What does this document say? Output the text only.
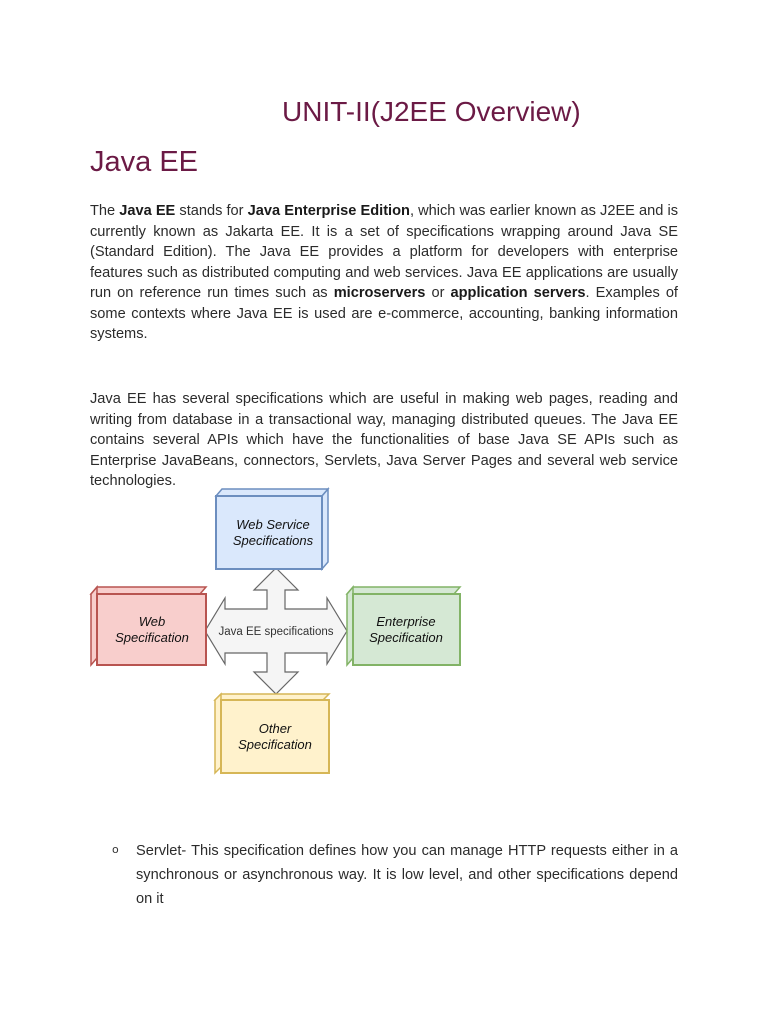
UNIT-II(J2EE Overview)
Java EE

The Java EE stands for Java Enterprise Edition, which was earlier known as J2EE and is currently known as Jakarta EE. It is a set of specifications wrapping around Java SE (Standard Edition). The Java EE provides a platform for developers with enterprise features such as distributed computing and web services. Java EE applications are usually run on reference run times such as microservers or application servers. Examples of some contexts where Java EE is used are e-commerce, accounting, banking information systems.

Java EE has several specifications which are useful in making web pages, reading and writing from database in a transactional way, managing distributed queues. The Java EE contains several APIs which have the functionalities of base Java SE APIs such as Enterprise JavaBeans, connectors, Servlets, Java Server Pages and several web service technologies.

Java EE specifications
Web Service
Specifications
Web
Specification
Enterprise
Specification
Other
Specification
o Servlet- This specification defines how you can manage HTTP requests either in a synchronous or asynchronous way. It is low level, and other specifications depend on it
